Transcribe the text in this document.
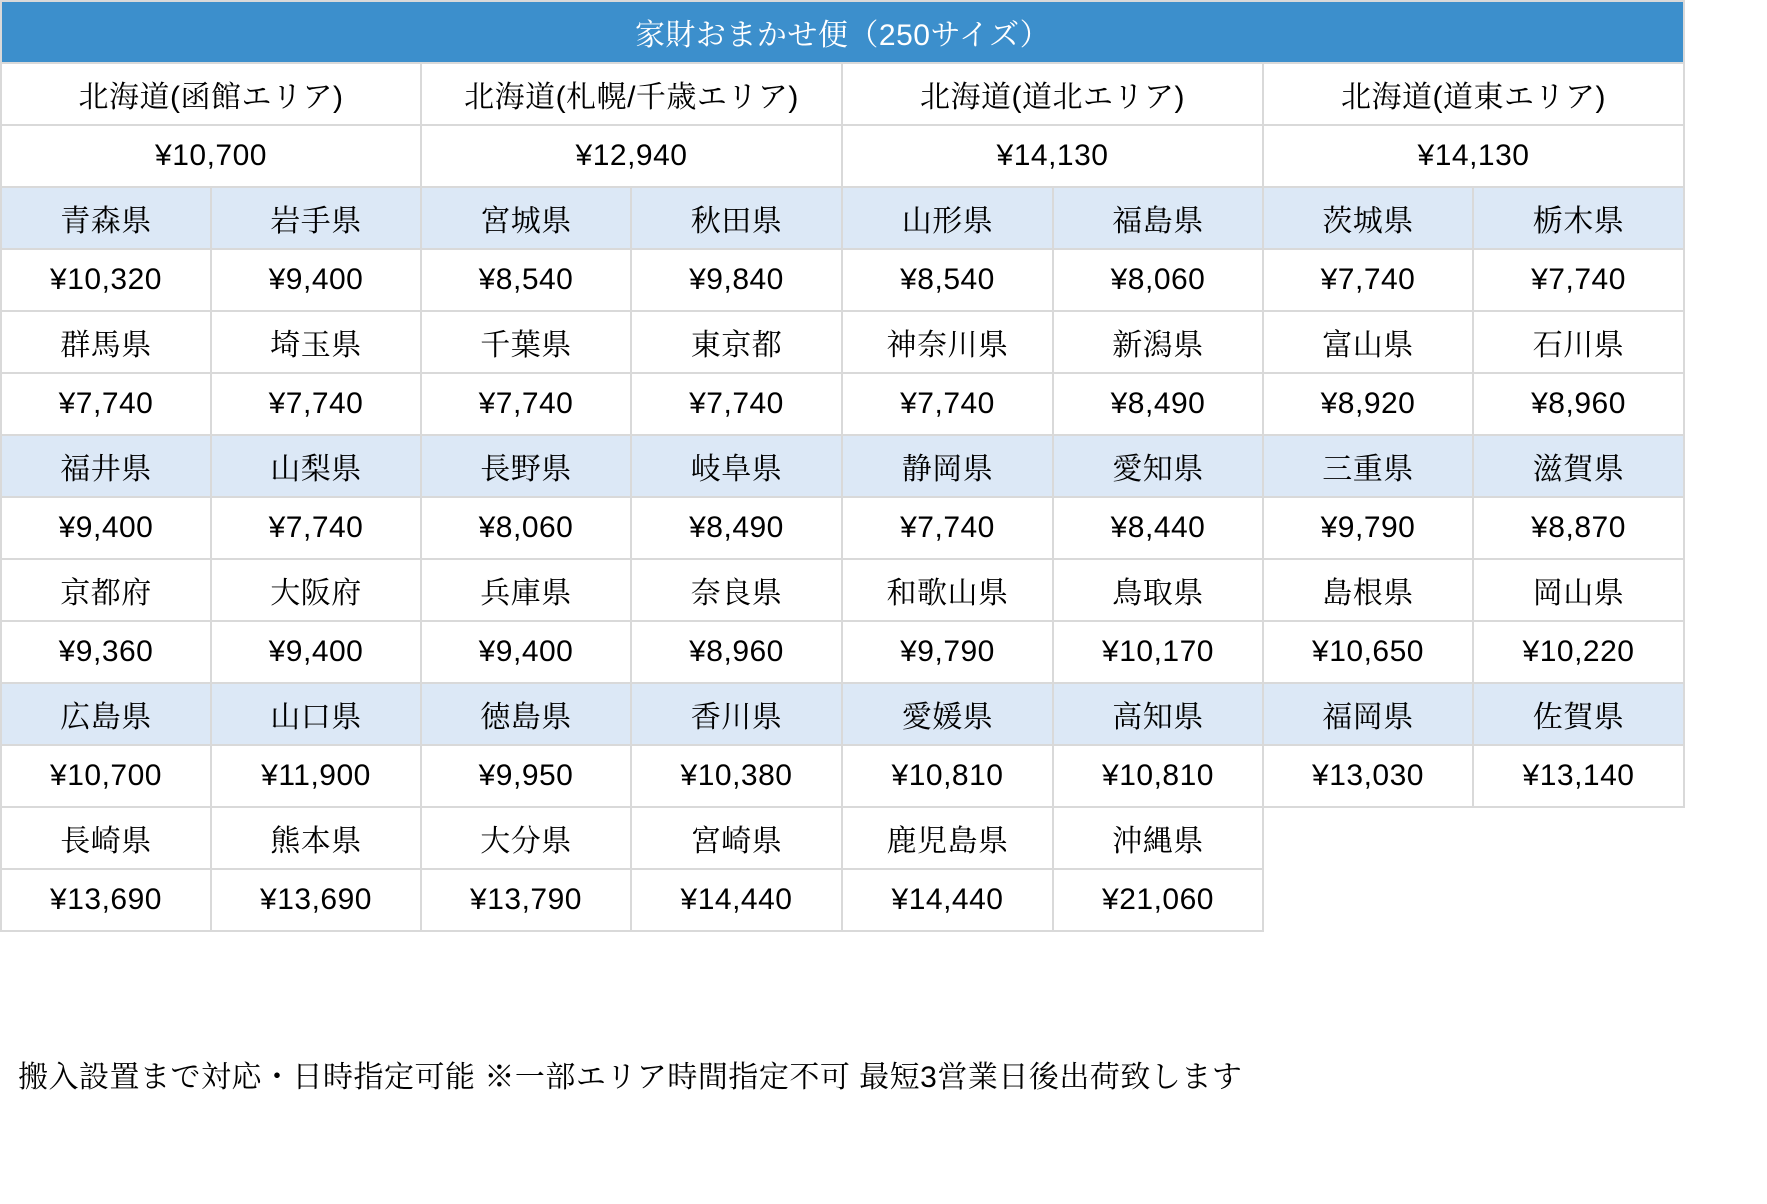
家財おまかせ便（250サイズ）							
北海道(函館エリア)		北海道(札幌/千歳エリア)		北海道(道北エリア)		北海道(道東エリア)	
¥10,700		¥12,940		¥14,130		¥14,130	
青森県	岩手県	宮城県	秋田県	山形県	福島県	茨城県	栃木県
¥10,320	¥9,400	¥8,540	¥9,840	¥8,540	¥8,060	¥7,740	¥7,740
群馬県	埼玉県	千葉県	東京都	神奈川県	新潟県	富山県	石川県
¥7,740	¥7,740	¥7,740	¥7,740	¥7,740	¥8,490	¥8,920	¥8,960
福井県	山梨県	長野県	岐阜県	静岡県	愛知県	三重県	滋賀県
¥9,400	¥7,740	¥8,060	¥8,490	¥7,740	¥8,440	¥9,790	¥8,870
京都府	大阪府	兵庫県	奈良県	和歌山県	鳥取県	島根県	岡山県
¥9,360	¥9,400	¥9,400	¥8,960	¥9,790	¥10,170	¥10,650	¥10,220
広島県	山口県	徳島県	香川県	愛媛県	高知県	福岡県	佐賀県
¥10,700	¥11,900	¥9,950	¥10,380	¥10,810	¥10,810	¥13,030	¥13,140
長崎県	熊本県	大分県	宮崎県	鹿児島県	沖縄県		
¥13,690	¥13,690	¥13,790	¥14,440	¥14,440	¥21,060		
搬入設置まで対応・日時指定可能 ※一部エリア時間指定不可 最短3営業日後出荷致します
